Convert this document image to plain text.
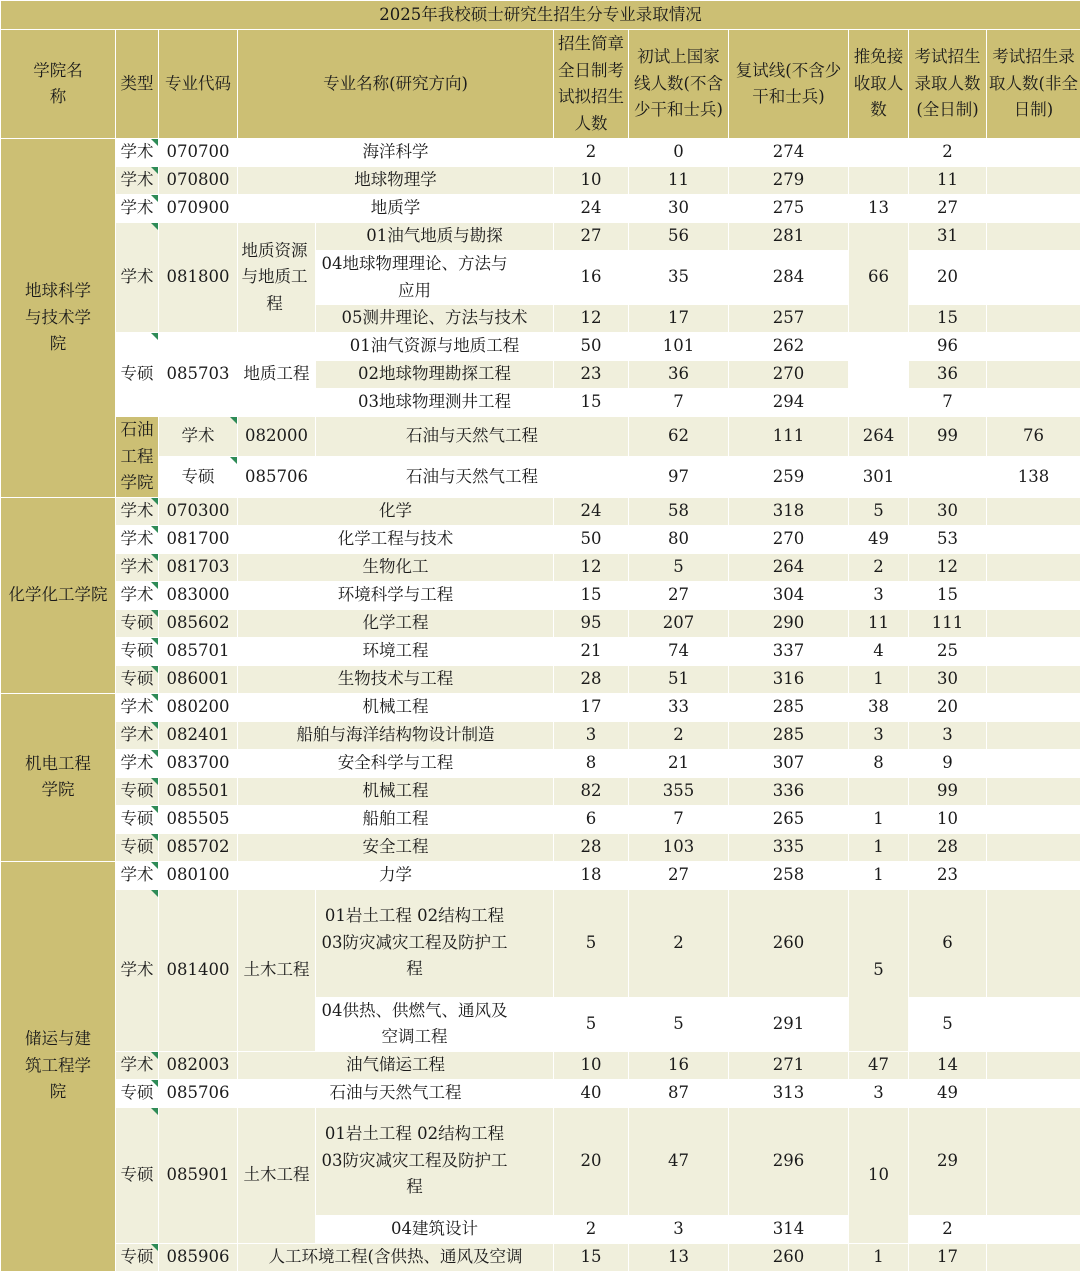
2025年我校硕士研究生招生分专业录取情况											
学院名称	类型	专业代码	专业名称(研究方向)		招生简章全日制考试拟招生人数	初试上国家线人数(不含少干和士兵)	复试线(不含少干和士兵)	推免接收取人数	考试招生录取人数(全日制)	考试招生录取人数(非全日制)	
地球科学与技术学院	学术	070700	海洋科学		2	0	274		2		

学术	070800	地球物理学		10	11	279		11		

学术	070900	地质学		24	30	275	13	27		

学术	081800	地质资源与地质工程	01油气地质与勘探	27	56	281	66	31		
				04地球物理理论、方法与应用	16	35	284		20		
				05测井理论、方法与技术	12	17	257		15		

专硕	085703	地质工程	01油气资源与地质工程	50	101	262		96		
				02地球物理勘探工程	23	36	270		36		
				03地球物理测井工程	15	7	294		7		
	石油工程学院	学术	082000	石油与天然气工程		62	111	264	99	76	

专硕	085706	石油与天然气工程		97	259	301		138	
化学化工学院	学术	070300	化学		24	58	318	5	30		

学术	081700	化学工程与技术		50	80	270	49	53		

学术	081703	生物化工		12	5	264	2	12		

学术	083000	环境科学与工程		15	27	304	3	15		

专硕	085602	化学工程		95	207	290	11	111		

专硕	085701	环境工程		21	74	337	4	25		

专硕	086001	生物技术与工程		28	51	316	1	30		
机电工程学院	学术	080200	机械工程		17	33	285	38	20		

学术	082401	船舶与海洋结构物设计制造		3	2	285	3	3		

学术	083700	安全科学与工程		8	21	307	8	9		

专硕	085501	机械工程		82	355	336		99		

专硕	085505	船舶工程		6	7	265	1	10		

专硕	085702	安全工程		28	103	335	1	28		
储运与建筑工程学院	学术	080100	力学		18	27	258	1	23		

学术	081400	土木工程	01岩土工程 02结构工程 03防灾减灾工程及防护工程	5	2	260	5	6		
				04供热、供燃气、通风及空调工程	5	5	291		5		

学术	082003	油气储运工程		10	16	271	47	14		

专硕	085706	石油与天然气工程		40	87	313	3	49		

专硕	085901	土木工程	01岩土工程 02结构工程 03防灾减灾工程及防护工程	20	47	296	10	29		
				04建筑设计	2	3	314		2		

专硕	085906	人工环境工程(含供热、通风及空调		15	13	260	1	17		
